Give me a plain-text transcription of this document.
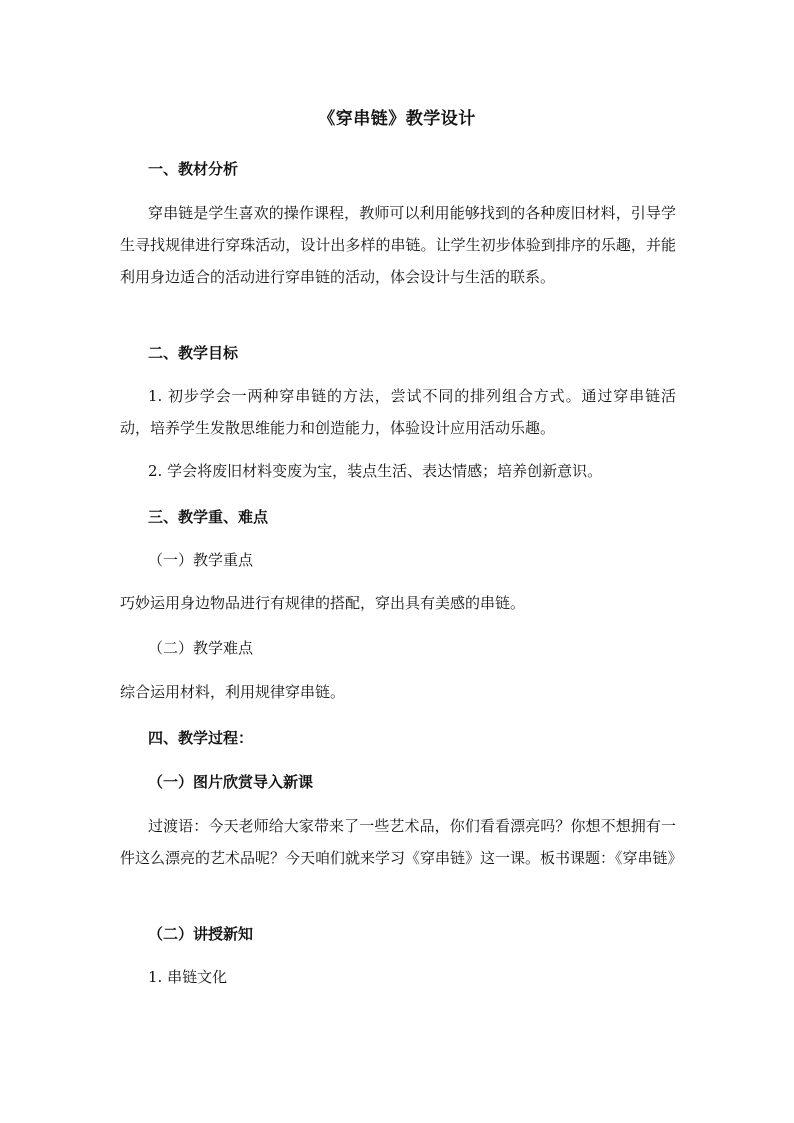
《穿串链》教学设计
一、教材分析
穿串链是学生喜欢的操作课程，教师可以利用能够找到的各种废旧材料，引导学生寻找规律进行穿珠活动，设计出多样的串链。让学生初步体验到排序的乐趣，并能利用身边适合的活动进行穿串链的活动，体会设计与生活的联系。
二、教学目标
1. 初步学会一两种穿串链的方法，尝试不同的排列组合方式。通过穿串链活动，培养学生发散思维能力和创造能力，体验设计应用活动乐趣。
2. 学会将废旧材料变废为宝，装点生活、表达情感；培养创新意识。
三、教学重、难点
（一）教学重点
巧妙运用身边物品进行有规律的搭配，穿出具有美感的串链。
（二）教学难点
综合运用材料，利用规律穿串链。
四、教学过程：
（一）图片欣赏导入新课
过渡语：今天老师给大家带来了一些艺术品，你们看看漂亮吗？你想不想拥有一件这么漂亮的艺术品呢？今天咱们就来学习《穿串链》这一课。板书课题：《穿串链》
（二）讲授新知
1. 串链文化
